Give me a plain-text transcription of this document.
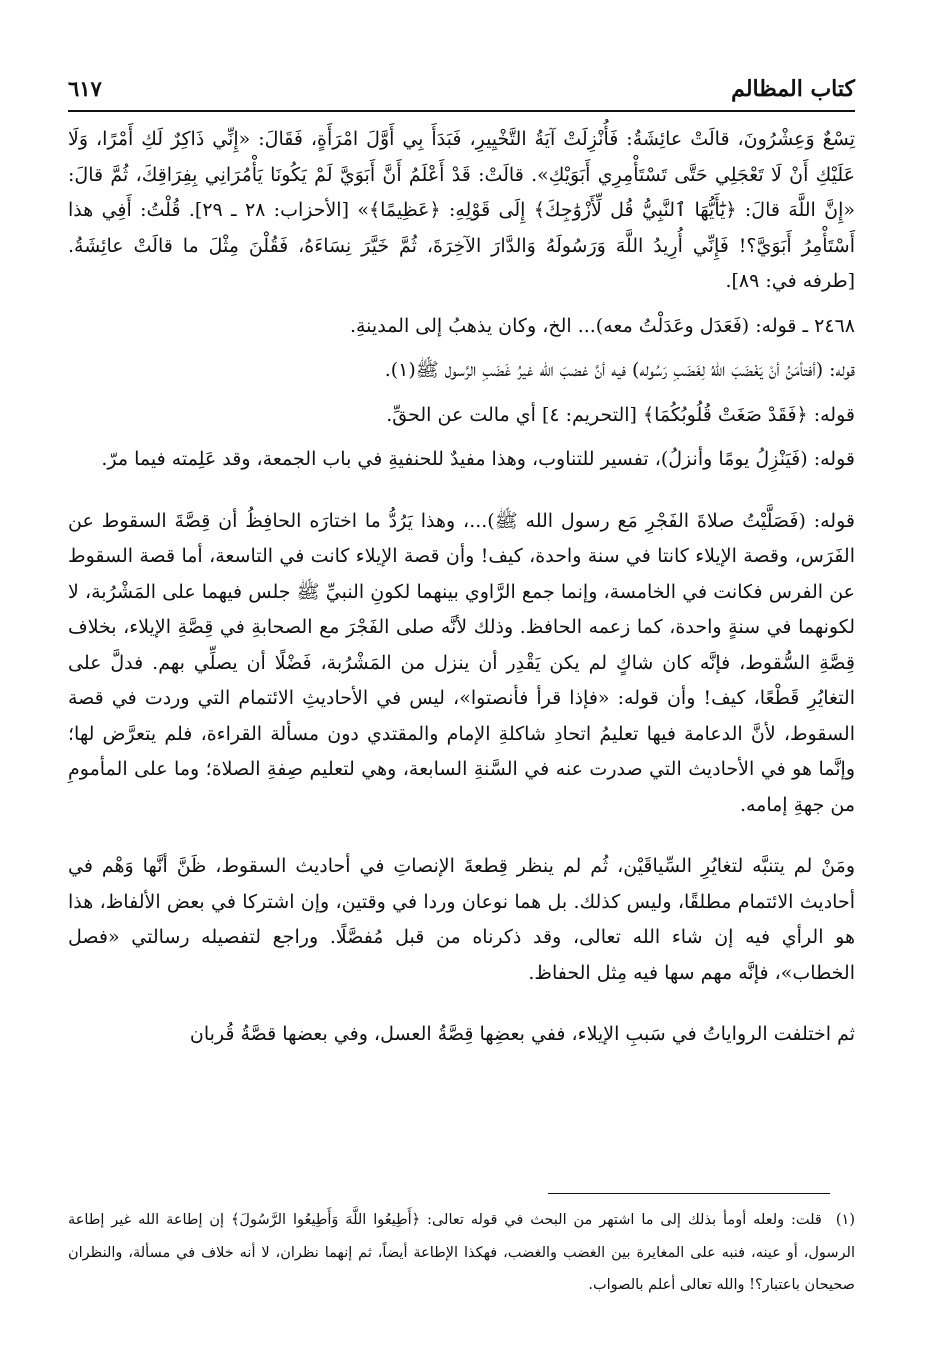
كتاب المظالم
٦١٧

تِسْعٌ وَعِشْرُونَ، قالَتْ عائِشَةُ: فَأُنْزِلَتْ آيَةُ التَّخْيِيرِ، فَبَدَأَ بِي أَوَّلَ امْرَأَةٍ، فَقَالَ: «إِنِّي ذَاكِرٌ لَكِ أَمْرًا، وَلَا عَلَيْكِ أَنْ لَا تَعْجَلِي حَتَّى تَسْتَأْمِرِي أَبَوَيْكِ». قالَتْ: قَدْ أَعْلَمُ أَنَّ أَبَوَيَّ لَمْ يَكُونَا يَأْمُرَانِي بِفِرَاقِكَ، ثُمَّ قالَ: «إِنَّ اللَّهَ قالَ: ﴿يَٰٓأَيُّهَا ٱلنَّبِيُّ قُل لِّأَزْوَٰجِكَ﴾ إِلَى قَوْلِهِ: ﴿عَظِيمًا﴾» [الأحزاب: ٢٨ ـ ٢٩]. قُلْتُ: أَفِي هذا أَسْتَأْمِرُ أَبَوَيَّ؟! فَإِنِّي أُرِيدُ اللَّهَ وَرَسُولَهُ وَالدَّارَ الآخِرَةَ، ثُمَّ خَيَّرَ نِسَاءَهُ، فَقُلْنَ مِثْلَ ما قالَتْ عائِشَةُ. [طرفه في: ٨٩].

٢٤٦٨ ـ قوله: (فَعَدَل وعَدَلْتُ معه)... الخ، وكان يذهبُ إلى المدينةِ.

قوله: (أفتأمَنُ أنْ يَغْضَبَ اللهُ لِغَضَبِ رَسُوله) فيه أنَّ غضبَ الله غيرُ غَضَبِ الرَّسول ﷺ(١).

قوله: ﴿فَقَدْ صَغَتْ قُلُوبُكُمَا﴾ [التحريم: ٤] أي مالت عن الحقِّ.

قوله: (فَيَنْزِلُ يومًا وأنزلُ)، تفسير للتناوب، وهذا مفيدٌ للحنفيةِ في باب الجمعة، وقد عَلِمته فيما مرّ.

قوله: (فَصَلَّيْتُ صلاةَ الفَجْرِ مَع رسول الله ﷺ)...، وهذا يَرُدُّ ما اختارَه الحافِظُ أن قِصَّةَ السقوط عن الفَرَس، وقصة الإيلاء كانتا في سنة واحدة، كيف! وأن قصة الإيلاء كانت في التاسعة، أما قصة السقوط عن الفرس فكانت في الخامسة، وإنما جمع الرَّاوي بينهما لكونِ النبيِّ ﷺ جلس فيهما على المَشْرُبة، لا لكونهما في سنةٍ واحدة، كما زعمه الحافظ. وذلك لأنَّه صلى الفَجْرَ مع الصحابةِ في قِصَّةِ الإيلاء، بخلاف قِصَّةِ السُّقوط، فإنَّه كان شاكٍ لم يكن يَقْدِر أن ينزل من المَشْرُبة، فَضْلًا أن يصلِّي بهم. فدلَّ على التغايُرِ قَطْعًا، كيف! وأن قوله: «فإذا قرأ فأنصتوا»، ليس في الأحاديثِ الائتمام التي وردت في قصة السقوط، لأنَّ الدعامة فيها تعليمُ اتحادِ شاكلةِ الإمام والمقتدي دون مسألة القراءة، فلم يتعرَّض لها؛ وإنَّما هو في الأحاديث التي صدرت عنه في السَّنةِ السابعة، وهي لتعليم صِفةِ الصلاة؛ وما على المأمومِ من جهةِ إمامه.

ومَنْ لم يتنبَّه لتغايُرِ السِّياقَيْن، ثُم لم ينظر قِطعةَ الإنصاتِ في أحاديث السقوط، ظَنَّ أنَّها وَهْم في أحاديث الائتمام مطلقًا، وليس كذلك. بل هما نوعان وردا في وقتين، وإن اشتركا في بعض الألفاظ، هذا هو الرأي فيه إن شاء الله تعالى، وقد ذكرناه من قبل مُفصَّلًا. وراجع لتفصيله رسالتي «فصل الخطاب»، فإنَّه مهم سها فيه مِثل الحفاظ.

ثم اختلفت الرواياتُ في سَببِ الإيلاء، ففي بعضِها قِصَّةُ العسل، وفي بعضها قصَّةُ قُربان

(١)قلت: ولعله أومأ بذلك إلى ما اشتهر من البحث في قوله تعالى: ﴿أَطِيعُوا اللَّهَ وَأَطِيعُوا الرَّسُولَ﴾ إن إطاعة الله غير إطاعة الرسول، أو عينه، فنبه على المغايرة بين الغضب والغضب، فهكذا الإطاعة أيضاً، ثم إنهما نظران، لا أنه خلاف في مسألة، والنظران صحيحان باعتبار؟! والله تعالى أعلم بالصواب.
